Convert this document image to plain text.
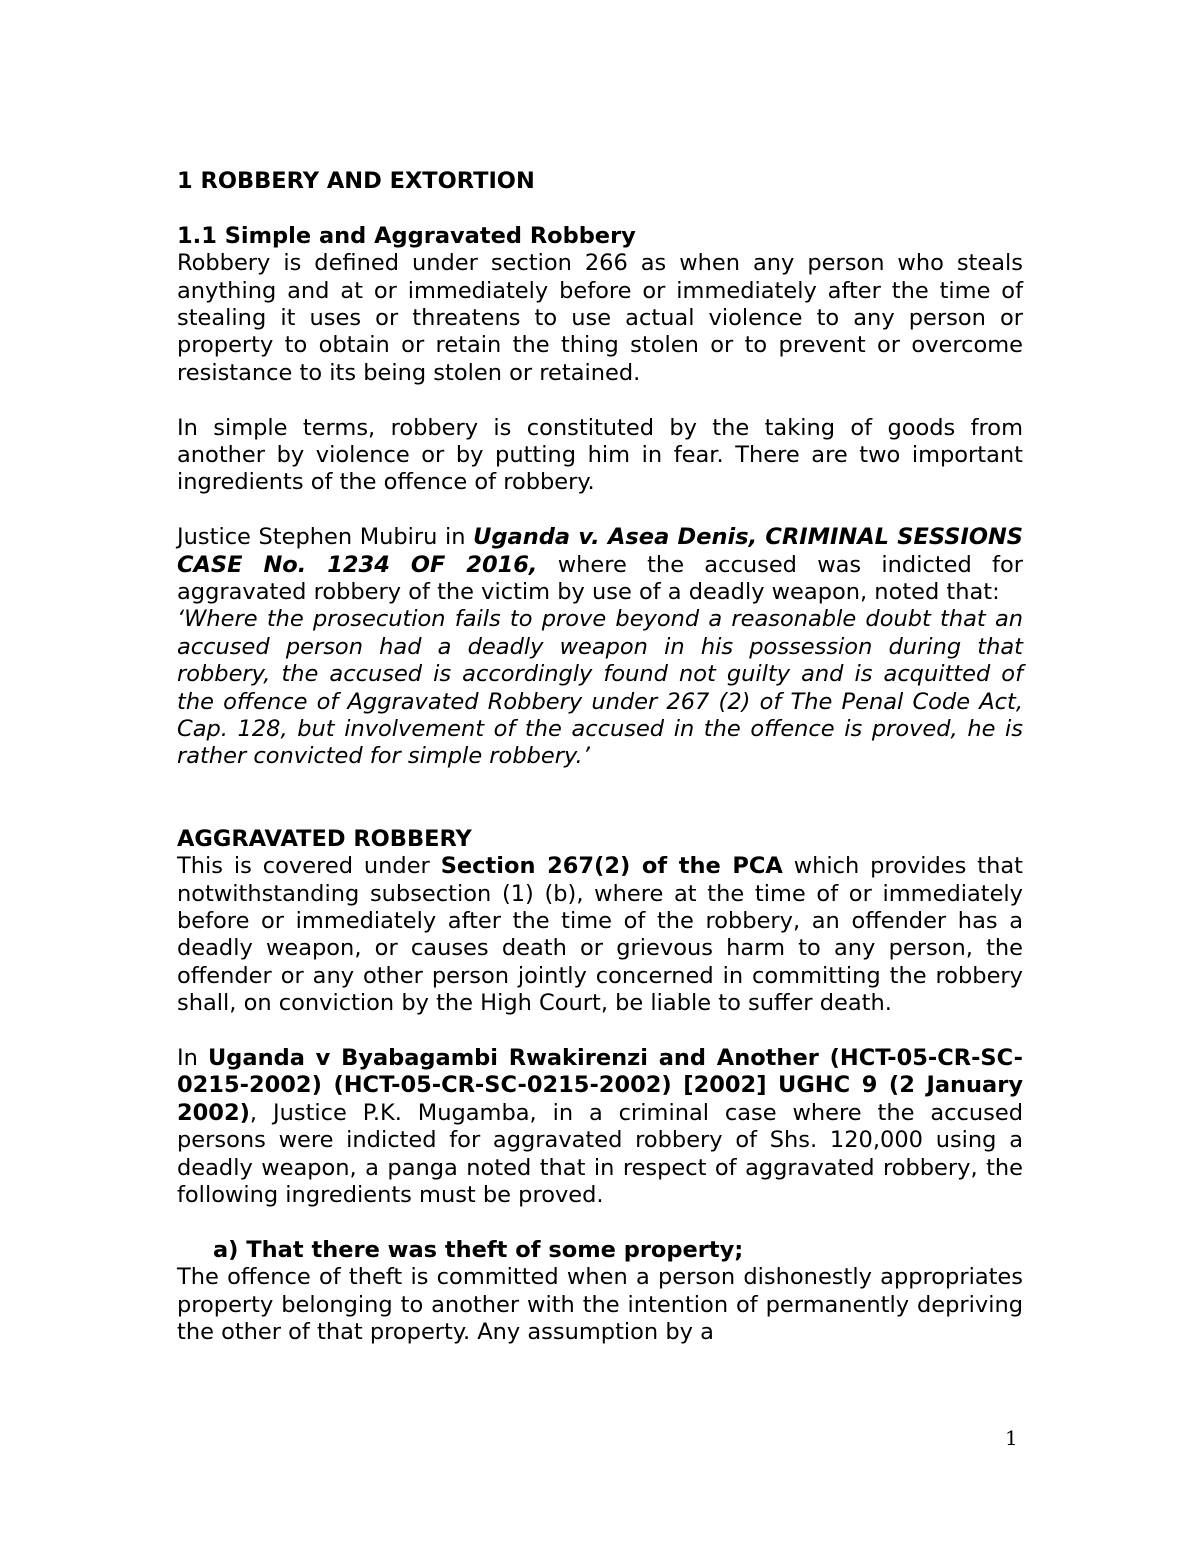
1 ROBBERY AND EXTORTION

1.1 Simple and Aggravated Robbery

Robbery is defined under section 266 as when any person who steals anything and at or immediately before or immediately after the time of stealing it uses or threatens to use actual violence to any person or property to obtain or retain the thing stolen or to prevent or overcome resistance to its being stolen or retained.

In simple terms, robbery is constituted by the taking of goods from another by violence or by putting him in fear. There are two important ingredients of the offence of robbery.

Justice Stephen Mubiru in Uganda v. Asea Denis, CRIMINAL SESSIONS CASE No. 1234 OF 2016, where the accused was indicted for aggravated robbery of the victim by use of a deadly weapon, noted that:

‘Where the prosecution fails to prove beyond a reasonable doubt that an accused person had a deadly weapon in his possession during that robbery, the accused is accordingly found not guilty and is acquitted of the offence of Aggravated Robbery under 267 (2) of The Penal Code Act, Cap. 128, but involvement of the accused in the offence is proved, he is rather convicted for simple robbery.’

AGGRAVATED ROBBERY

This is covered under Section 267(2) of the PCA which provides that notwithstanding subsection (1) (b), where at the time of or immediately before or immediately after the time of the robbery, an offender has a deadly weapon, or causes death or grievous harm to any person, the offender or any other person jointly concerned in committing the robbery shall, on conviction by the High Court, be liable to suffer death.

In Uganda v Byabagambi Rwakirenzi and Another (HCT-05-CR-SC-0215-2002) (HCT-05-CR-SC-0215-2002) [2002] UGHC 9 (2 January 2002), Justice P.K. Mugamba, in a criminal case where the accused persons were indicted for aggravated robbery of Shs. 120,000 using a deadly weapon, a panga noted that in respect of aggravated robbery, the following ingredients must be proved.

a) That there was theft of some property;

The offence of theft is committed when a person dishonestly appropriates property belonging to another with the intention of permanently depriving the other of that property. Any assumption by a

1
